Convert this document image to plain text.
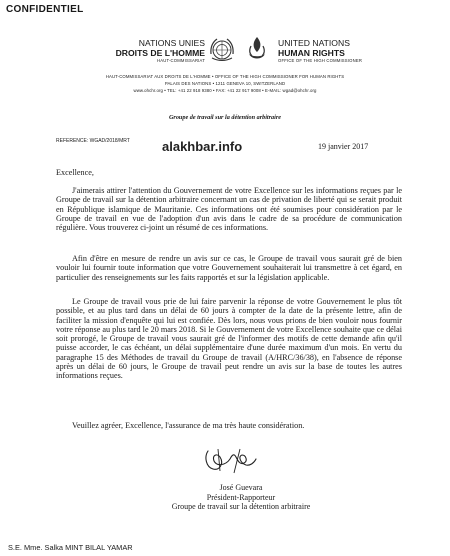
CONFIDENTIEL
NATIONS UNIES
DROITS DE L'HOMME
HAUT-COMMISSARIAT
UNITED NATIONS
HUMAN RIGHTS
OFFICE OF THE HIGH COMMISSIONER
HAUT-COMMISSARIAT AUX DROITS DE L'HOMME • OFFICE OF THE HIGH COMMISSIONER FOR HUMAN RIGHTS
PALAIS DES NATIONS • 1211 GENEVA 10, SWITZERLAND
www.ohchr.org • TEL: +41 22 918 9380 • FAX: +41 22 917 9008 • E-MAIL: wgad@ohchr.org
Groupe de travail sur la détention arbitraire
REFERENCE: WGAD/2018/MRT alakhbar.info	19 janvier 2017

Excellence,

J'aimerais attirer l'attention du Gouvernement de votre Excellence sur les informations reçues par le Groupe de travail sur la détention arbitraire concernant un cas de privation de liberté qui se serait produit en République islamique de Mauritanie. Ces informations ont été soumises pour considération par le Groupe de travail en vue de l'adoption d'un avis dans le cadre de sa procédure de communication régulière. Vous trouverez ci-joint un résumé de ces informations.

Afin d'être en mesure de rendre un avis sur ce cas, le Groupe de travail vous saurait gré de bien vouloir lui fournir toute information que votre Gouvernement souhaiterait lui transmettre à cet égard, en particulier des renseignements sur les faits rapportés et sur la législation applicable.

Le Groupe de travail vous prie de lui faire parvenir la réponse de votre Gouvernement le plus tôt possible, et au plus tard dans un délai de 60 jours à compter de la date de la présente lettre, afin de faciliter la mission d'enquête qui lui est confiée. Dès lors, nous vous prions de bien vouloir nous fournir votre réponse au plus tard le 20 mars 2018. Si le Gouvernement de votre Excellence souhaite que ce délai soit prorogé, le Groupe de travail vous saurait gré de l'informer des motifs de cette demande afin qu'il puisse accorder, le cas échéant, un délai supplémentaire d'une durée maximum d'un mois. En vertu du paragraphe 15 des Méthodes de travail du Groupe de travail (A/HRC/36/38), en l'absence de réponse après un délai de 60 jours, le Groupe de travail peut rendre un avis sur la base de toutes les autres informations reçues.

Veuillez agréer, Excellence, l'assurance de ma très haute considération.

José Guevara
Président-Rapporteur
Groupe de travail sur la détention arbitraire
S.E. Mme. Salka MINT BILAL YAMAR
